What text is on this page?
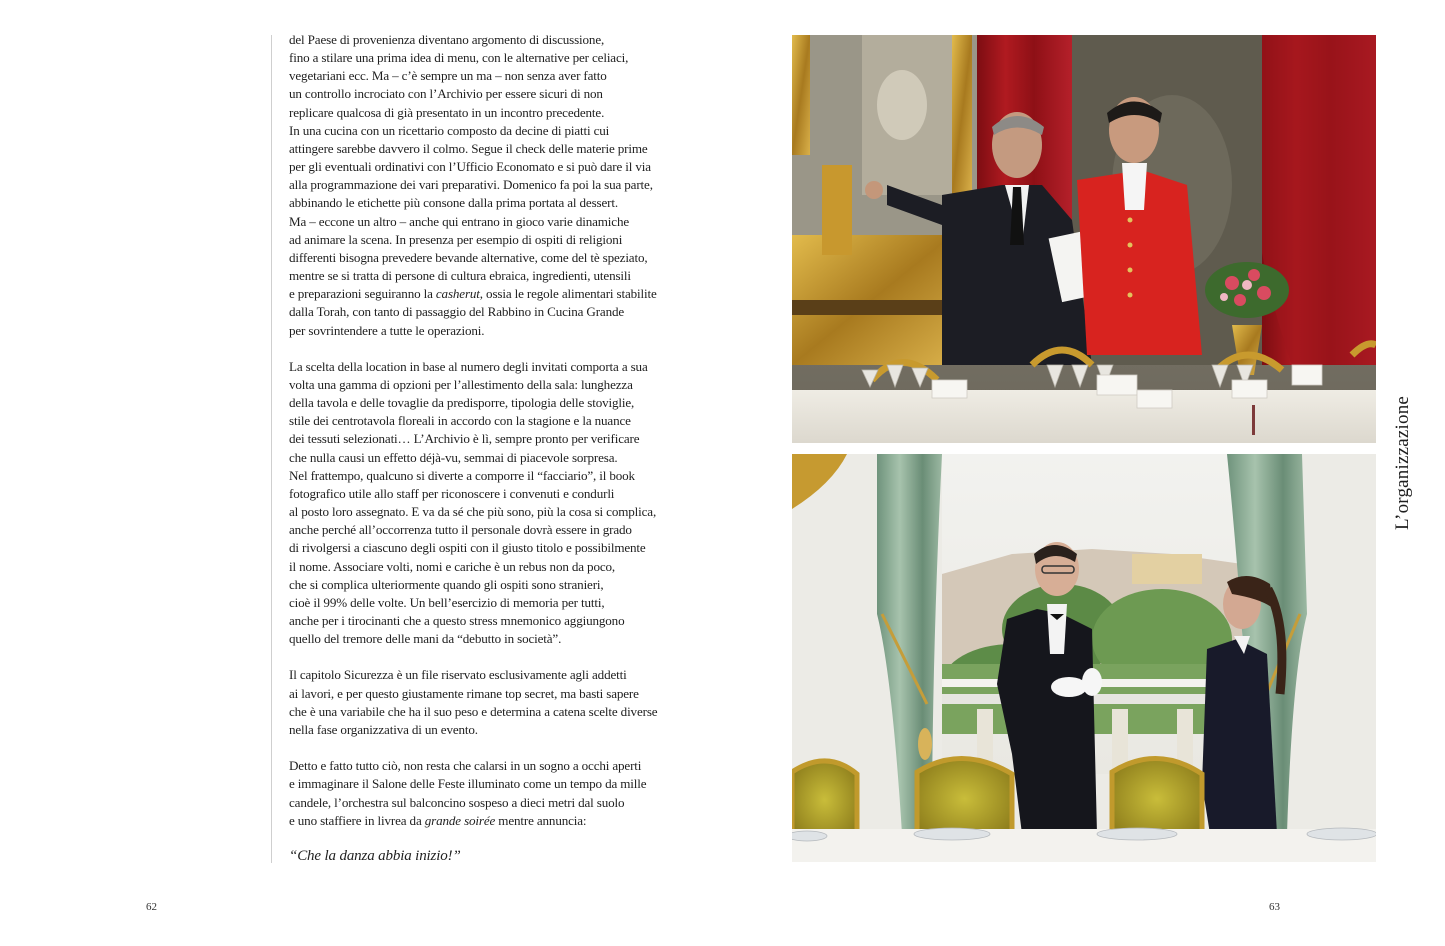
del Paese di provenienza diventano argomento di discussione,
fino a stilare una prima idea di menu, con le alternative per celiaci,
vegetariani ecc. Ma – c’è sempre un ma – non senza aver fatto
un controllo incrociato con l’Archivio per essere sicuri di non
replicare qualcosa di già presentato in un incontro precedente.
In una cucina con un ricettario composto da decine di piatti cui
attingere sarebbe davvero il colmo. Segue il check delle materie prime
per gli eventuali ordinativi con l’Ufficio Economato e si può dare il via
alla programmazione dei vari preparativi. Domenico fa poi la sua parte,
abbinando le etichette più consone dalla prima portata al dessert.
Ma – eccone un altro – anche qui entrano in gioco varie dinamiche
ad animare la scena. In presenza per esempio di ospiti di religioni
differenti bisogna prevedere bevande alternative, come del tè speziato,
mentre se si tratta di persone di cultura ebraica, ingredienti, utensili
e preparazioni seguiranno la casherut, ossia le regole alimentari stabilite
dalla Torah, con tanto di passaggio del Rabbino in Cucina Grande
per sovrintendere a tutte le operazioni.

La scelta della location in base al numero degli invitati comporta a sua
volta una gamma di opzioni per l’allestimento della sala: lunghezza
della tavola e delle tovaglie da predisporre, tipologia delle stoviglie,
stile dei centrotavola floreali in accordo con la stagione e la nuance
dei tessuti selezionati… L’Archivio è lì, sempre pronto per verificare
che nulla causi un effetto déjà-vu, semmai di piacevole sorpresa.
Nel frattempo, qualcuno si diverte a comporre il “facciario”, il book
fotografico utile allo staff per riconoscere i convenuti e condurli
al posto loro assegnato. E va da sé che più sono, più la cosa si complica,
anche perché all’occorrenza tutto il personale dovrà essere in grado
di rivolgersi a ciascuno degli ospiti con il giusto titolo e possibilmente
il nome. Associare volti, nomi e cariche è un rebus non da poco,
che si complica ulteriormente quando gli ospiti sono stranieri,
cioè il 99% delle volte. Un bell’esercizio di memoria per tutti,
anche per i tirocinanti che a questo stress mnemonico aggiungono
quello del tremore delle mani da “debutto in società”.

Il capitolo Sicurezza è un file riservato esclusivamente agli addetti
ai lavori, e per questo giustamente rimane top secret, ma basti sapere
che è una variabile che ha il suo peso e determina a catena scelte diverse
nella fase organizzativa di un evento.

Detto e fatto tutto ciò, non resta che calarsi in un sogno a occhi aperti
e immaginare il Salone delle Feste illuminato come un tempo da mille
candele, l’orchestra sul balconcino sospeso a dieci metri dal suolo
e uno staffiere in livrea da grande soirée mentre annuncia:

“Che la danza abbia inizio!”
62	63
L’organizzazione
